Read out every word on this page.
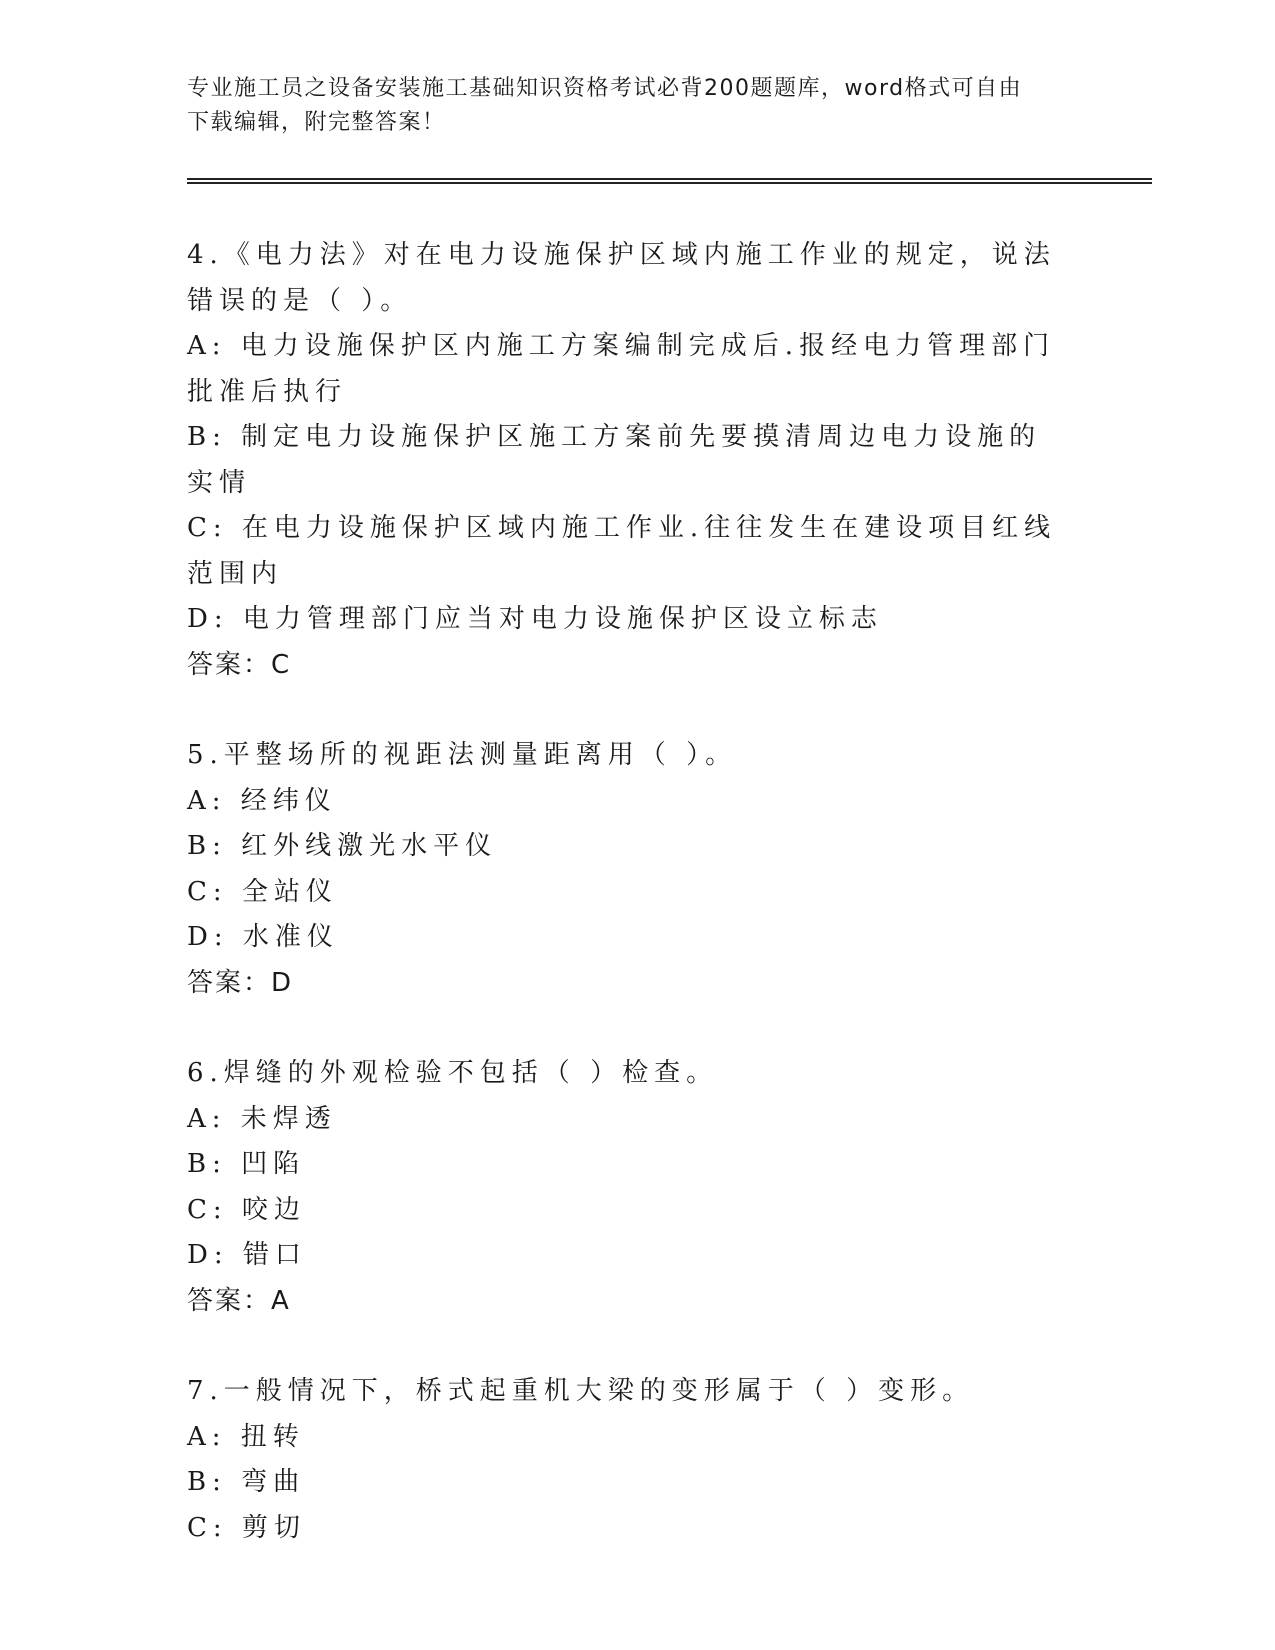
专业施工员之设备安装施工基础知识资格考试必背200题题库，word格式可自由
下载编辑，附完整答案！
4.《电力法》对在电力设施保护区域内施工作业的规定，说法错误的是（ ）。
A: 电力设施保护区内施工方案编制完成后.报经电力管理部门批准后执行
B: 制定电力设施保护区施工方案前先要摸清周边电力设施的实情
C: 在电力设施保护区域内施工作业.往往发生在建设项目红线范围内
D: 电力管理部门应当对电力设施保护区设立标志
答案：C
5.平整场所的视距法测量距离用（ ）。
A: 经纬仪
B: 红外线激光水平仪
C: 全站仪
D: 水准仪
答案：D
6.焊缝的外观检验不包括（ ）检查。
A: 未焊透
B: 凹陷
C: 咬边
D: 错口
答案：A
7.一般情况下，桥式起重机大梁的变形属于（ ）变形。
A: 扭转
B: 弯曲
C: 剪切
